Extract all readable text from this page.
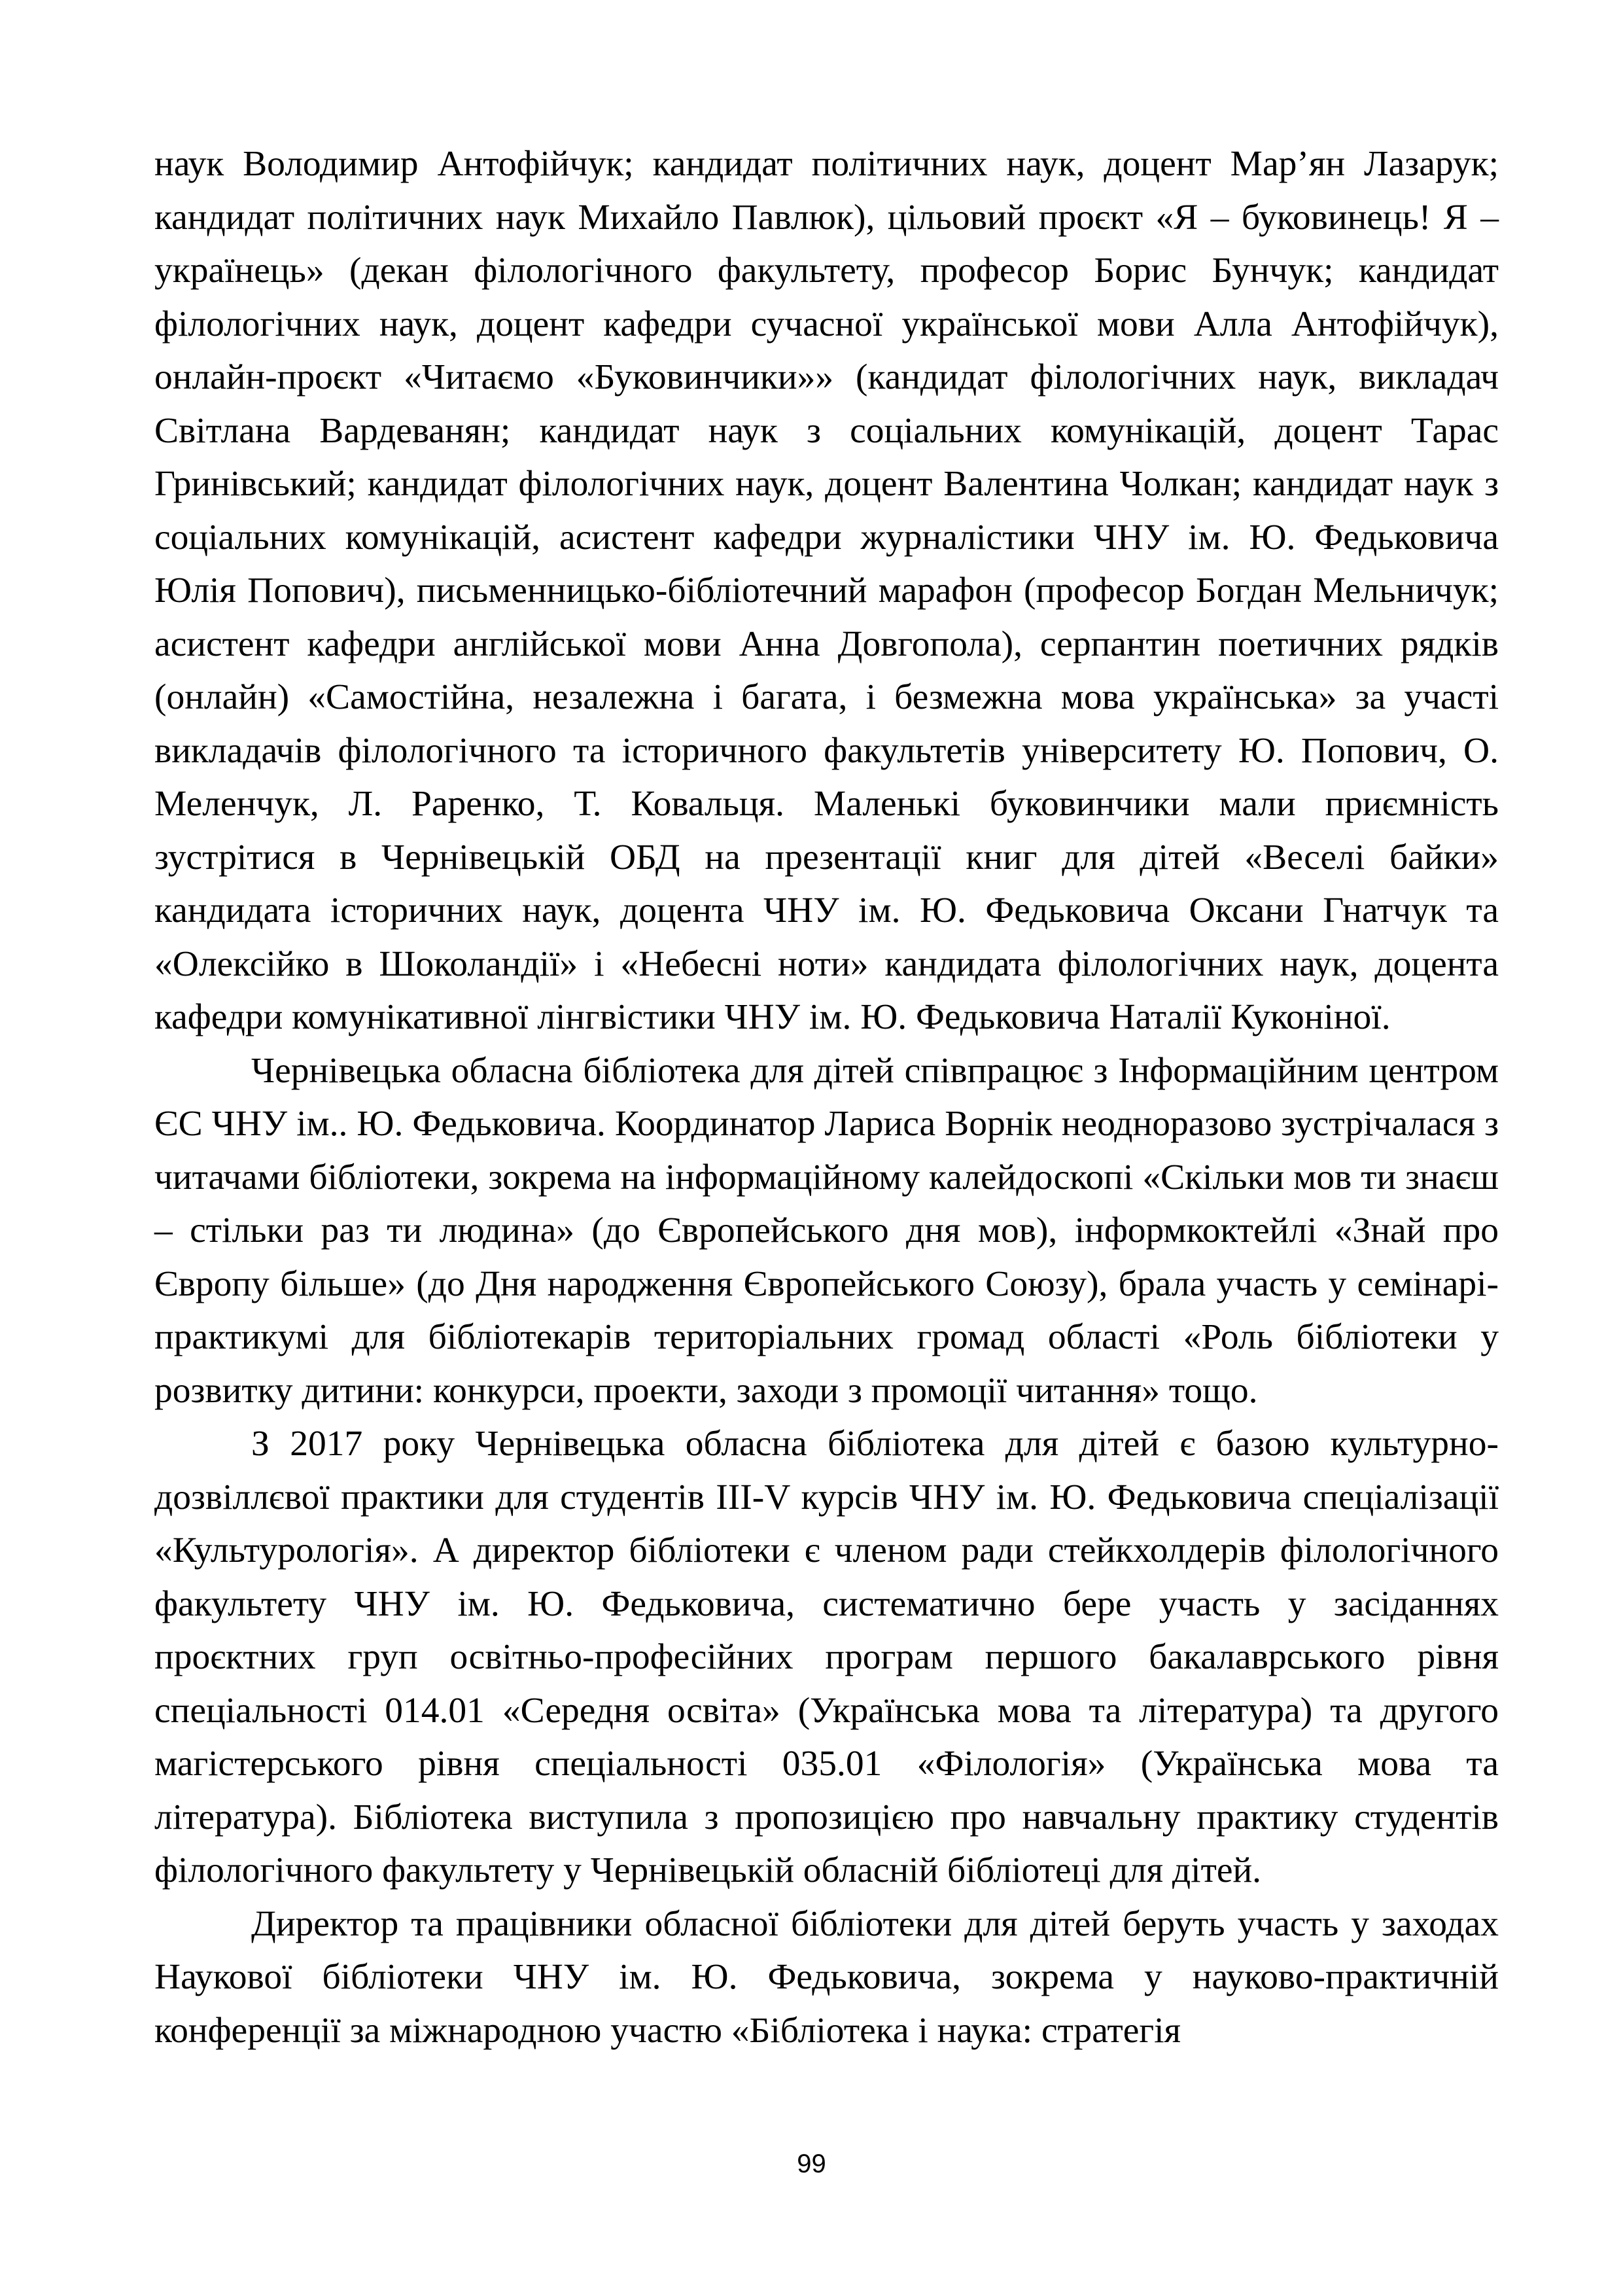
наук Володимир Антофійчук; кандидат політичних наук, доцент Мар’ян Лазарук; кандидат політичних наук Михайло Павлюк), цільовий проєкт «Я – буковинець! Я – українець» (декан філологічного факультету, професор Борис Бунчук; кандидат філологічних наук, доцент кафедри сучасної української мови Алла Антофійчук), онлайн-проєкт «Читаємо «Буковинчики»» (кандидат філологічних наук, викладач Світлана Вардеванян; кандидат наук з соціальних комунікацій, доцент Тарас Гринівський; кандидат філологічних наук, доцент Валентина Чолкан; кандидат наук з соціальних комунікацій, асистент кафедри журналістики ЧНУ ім. Ю. Федьковича Юлія Попович), письменницько-бібліотечний марафон (професор Богдан Мельничук; асистент кафедри англійської мови Анна Довгопола), серпантин поетичних рядків (онлайн) «Самостійна, незалежна і багата, і безмежна мова українська» за участі викладачів філологічного та історичного факультетів університету Ю. Попович, О. Меленчук, Л. Раренко, Т. Ковальця. Маленькі буковинчики мали приємність зустрітися в Чернівецькій ОБД на презентації книг для дітей «Веселі байки» кандидата історичних наук, доцента ЧНУ ім. Ю. Федьковича Оксани Гнатчук та «Олексійко в Шоколандії» і «Небесні ноти» кандидата філологічних наук, доцента кафедри комунікативної лінгвістики ЧНУ ім. Ю. Федьковича Наталії Куконіної.

Чернівецька обласна бібліотека для дітей співпрацює з Інформаційним центром ЄС ЧНУ ім.. Ю. Федьковича. Координатор Лариса Ворнік неодноразово зустрічалася з читачами бібліотеки, зокрема на інформаційному калейдоскопі «Скільки мов ти знаєш – стільки раз ти людина» (до Європейського дня мов), інформкоктейлі «Знай про Європу більше» (до Дня народження Європейського Союзу), брала участь у семінарі-практикумі для бібліотекарів територіальних громад області «Роль бібліотеки у розвитку дитини: конкурси, проекти, заходи з промоції читання» тощо.

З 2017 року Чернівецька обласна бібліотека для дітей є базою культурно-дозвіллєвої практики для студентів III-V курсів ЧНУ ім. Ю. Федьковича спеціалізації «Культурологія». А директор бібліотеки є членом ради стейкхолдерів філологічного факультету ЧНУ ім. Ю. Федьковича, систематично бере участь у засіданнях проєктних груп освітньо-професійних програм першого бакалаврського рівня спеціальності 014.01 «Середня освіта» (Українська мова та література) та другого магістерського рівня спеціальності 035.01 «Філологія» (Українська мова та література). Бібліотека виступила з пропозицією про навчальну практику студентів філологічного факультету у Чернівецькій обласній бібліотеці для дітей.

Директор та працівники обласної бібліотеки для дітей беруть участь у заходах Наукової бібліотеки ЧНУ ім. Ю. Федьковича, зокрема у науково-практичній конференції за міжнародною участю «Бібліотека і наука: стратегія

99
